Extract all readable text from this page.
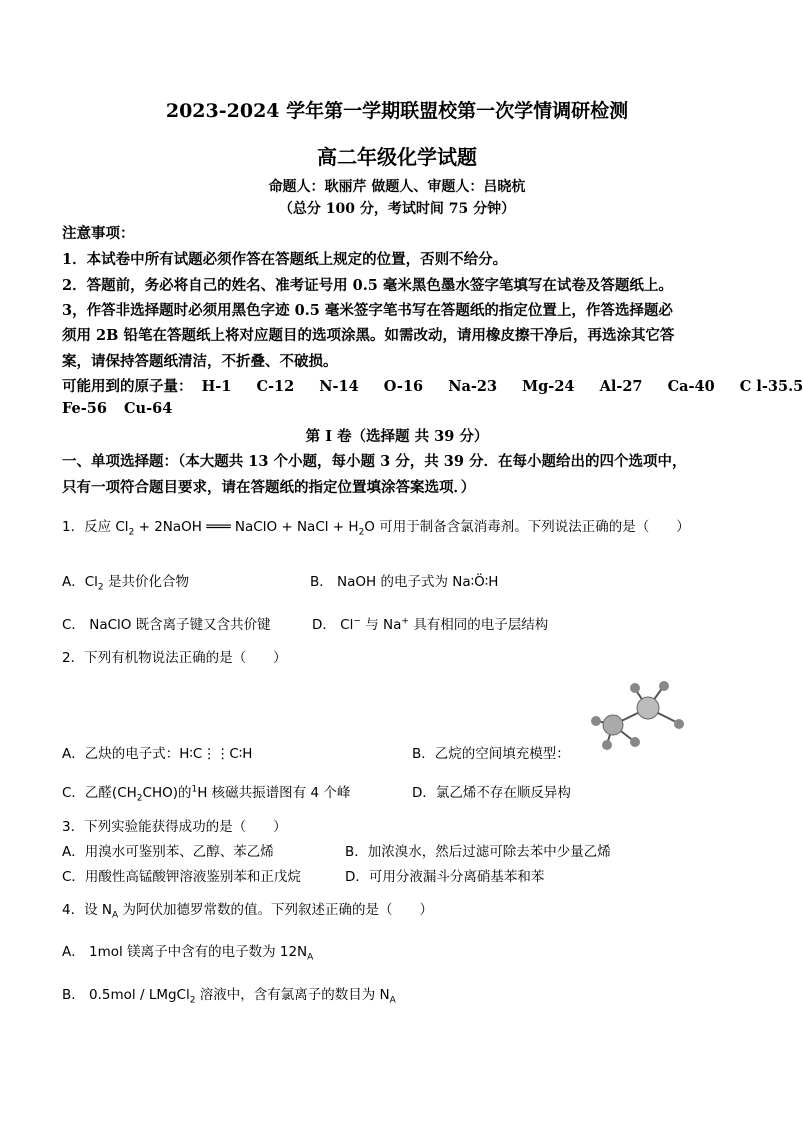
2023-2024 学年第一学期联盟校第一次学情调研检测
高二年级化学试题
命题人：耿丽芹 做题人、审题人：吕晓杭
（总分 100 分，考试时间 75 分钟）
注意事项：
1．本试卷中所有试题必须作答在答题纸上规定的位置，否则不给分。
2．答题前，务必将自己的姓名、准考证号用 0.5 毫米黑色墨水签字笔填写在试卷及答题纸上。
3，作答非选择题时必须用黑色字迹 0.5 毫米签字笔书写在答题纸的指定位置上，作答选择题必
须用 2B 铅笔在答题纸上将对应题目的选项涂黑。如需改动，请用橡皮擦干净后，再选涂其它答
案，请保持答题纸清洁，不折叠、不破损。
可能用到的原子量： H-1 C-12 N-14 O-16 Na-23 Mg-24 Al-27 Ca-40 C l-35.5
Fe-56 Cu-64
第 I 卷（选择题 共 39 分）
一、单项选择题：（本大题共 13 个小题，每小题 3 分，共 39 分．在每小题给出的四个选项中，
只有一项符合题目要求，请在答题纸的指定位置填涂答案选项．）
1．反应 $Cl_2$ + 2NaOH ═══ NaClO + NaCl + $H_2O$ 可用于制备含氯消毒剂。下列说法正确的是（　　）
A．$Cl_2$ 是共价化合物	B． NaOH 的电子式为 Na∶Ö∶H
C． NaClO 既含离子键又含共价键	D． Cl− 与 Na+ 具有相同的电子层结构
2．下列有机物说法正确的是（　　）
A．乙炔的电子式：H∶C⋮⋮C∶H	B．乙烷的空间填充模型：
C．乙醛$(CH_2CHO)$的$^1$H 核磁共振谱图有 4 个峰	D．氯乙烯不存在顺反异构
3．下列实验能获得成功的是（　　）
A．用溴水可鉴别苯、乙醇、苯乙烯	B．加浓溴水，然后过滤可除去苯中少量乙烯
C．用酸性高锰酸钾溶液鉴别苯和正戊烷	D．可用分液漏斗分离硝基苯和苯
4．设 $N_A$ 为阿伏加德罗常数的值。下列叙述正确的是（　　）
A． 1mol 镁离子中含有的电子数为 $12N_A$
B． 0.5mol / LMgCl$_2$ 溶液中，含有氯离子的数目为 $N_A$
